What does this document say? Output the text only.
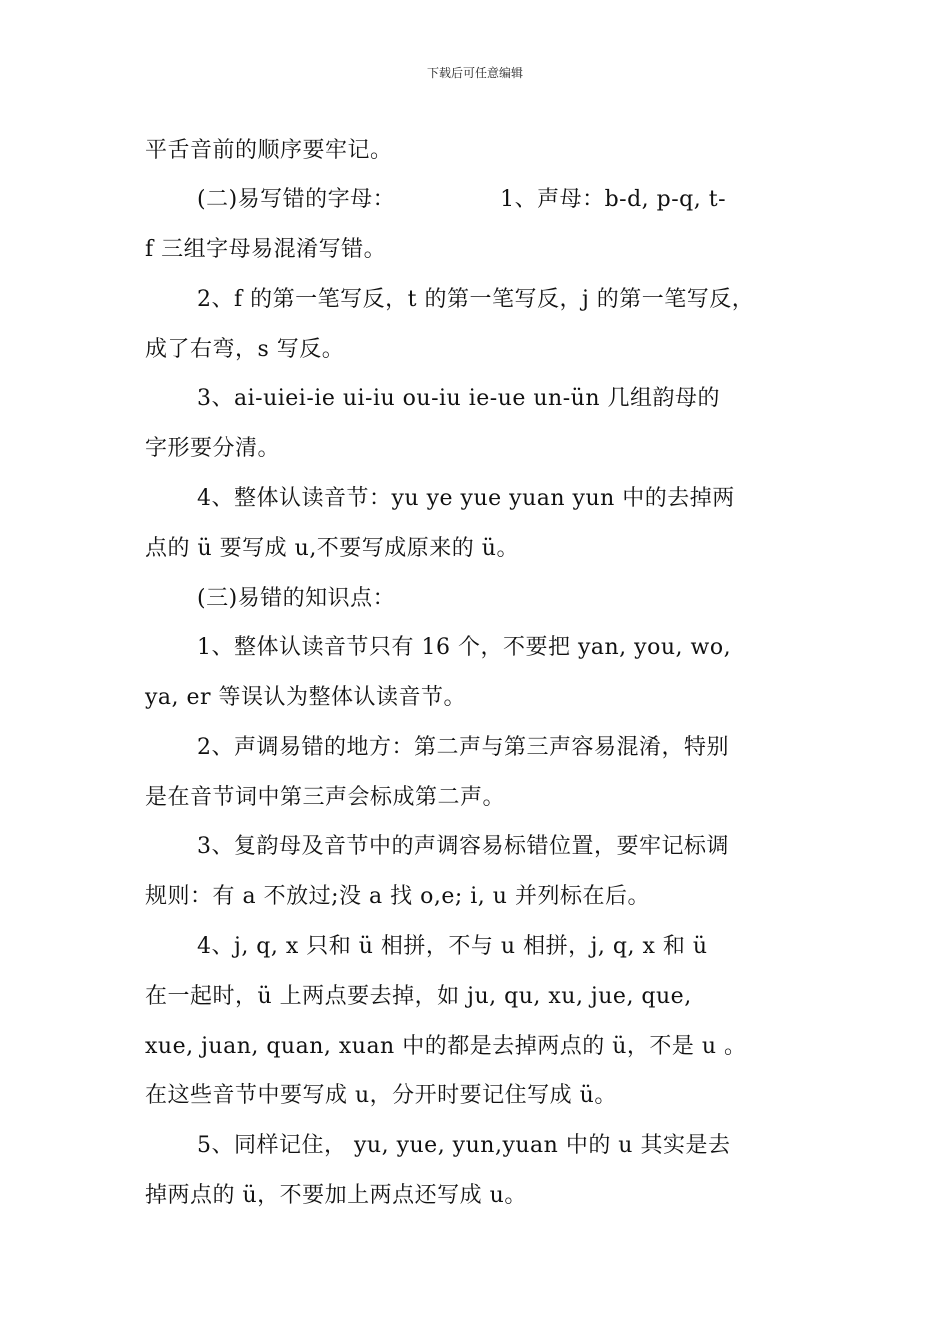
下载后可任意编辑
平舌音前的顺序要牢记。
(二)易写错的字母：              1、声母：b-d, p-q, t-
f 三组字母易混淆写错。
2、f 的第一笔写反，t 的第一笔写反，j 的第一笔写反，
成了右弯，s 写反。
3、ai-uiei-ie ui-iu ou-iu ie-ue un-ün 几组韵母的
字形要分清。
4、整体认读音节：yu ye yue yuan yun 中的去掉两
点的 ü 要写成 u,不要写成原来的 ü。
(三)易错的知识点：
1、整体认读音节只有 16 个，不要把 yan, you, wo,
ya, er 等误认为整体认读音节。
2、声调易错的地方：第二声与第三声容易混淆，特别
是在音节词中第三声会标成第二声。
3、复韵母及音节中的声调容易标错位置，要牢记标调
规则：有 a 不放过;没 a 找 o,e; i, u 并列标在后。
4、j, q, x 只和 ü 相拼，不与 u 相拼，j, q, x 和 ü
在一起时，ü 上两点要去掉，如 ju, qu, xu, jue, que,
xue, juan, quan, xuan 中的都是去掉两点的 ü，不是 u 。
在这些音节中要写成 u，分开时要记住写成 ü。
5、同样记住， yu, yue, yun,yuan 中的 u 其实是去
掉两点的 ü，不要加上两点还写成 u。
